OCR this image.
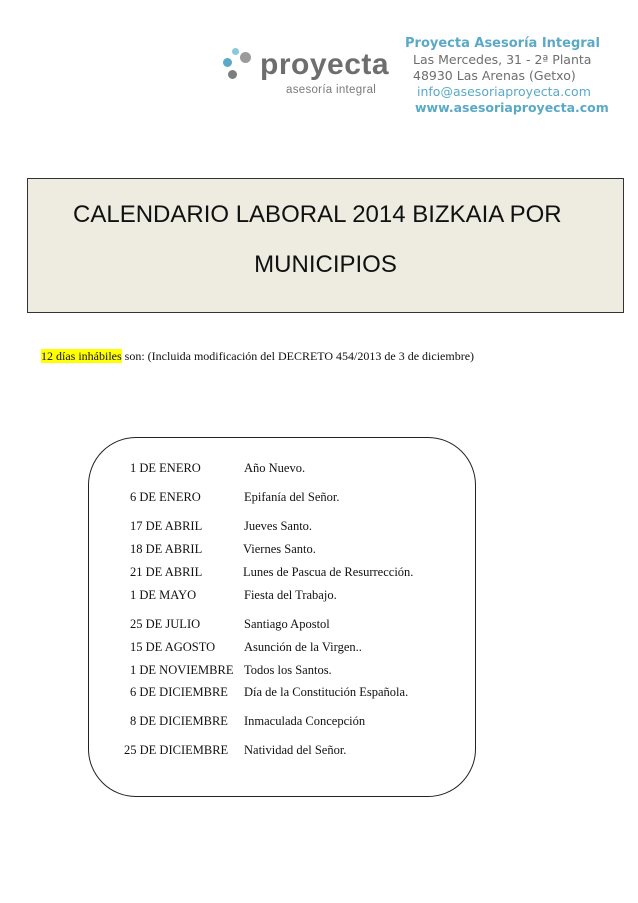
proyecta
asesoría integral
Proyecta Asesoría Integral
Las Mercedes, 31 - 2ª Planta
48930 Las Arenas (Getxo)
info@asesoriaproyecta.com
www.asesoriaproyecta.com
CALENDARIO LABORAL 2014 BIZKAIA POR
MUNICIPIOS
12 días inhábiles son: (Incluida modificación del DECRETO 454/2013 de 3 de diciembre)
1 DE ENERO	Año Nuevo.
6 DE ENERO	Epifanía del Señor.
17 DE ABRIL	Jueves Santo.
18 DE ABRIL	Viernes Santo.
21 DE ABRIL	Lunes de Pascua de Resurrección.
1 DE MAYO	Fiesta del Trabajo.
25 DE JULIO	Santiago Apostol
15 DE AGOSTO Asunción de la Virgen..
1 DE NOVIEMBRE Todos los Santos.
6 DE DICIEMBRE Día de la Constitución Española.
8 DE DICIEMBRE Inmaculada Concepción
25 DE DICIEMBRE Natividad del Señor.
